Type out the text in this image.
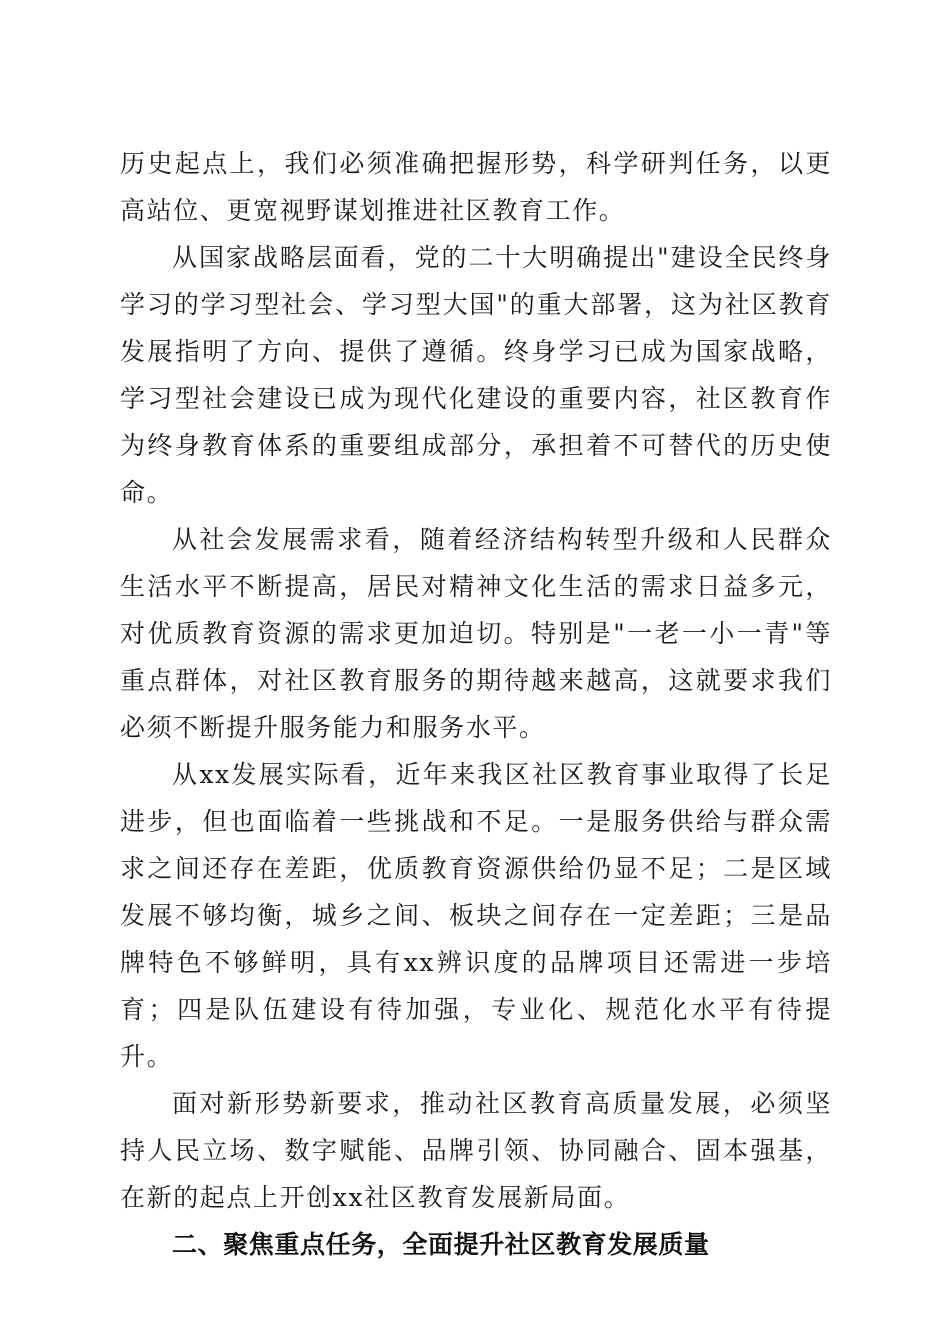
历史起点上，我们必须准确把握形势，科学研判任务，以更高站位、更宽视野谋划推进社区教育工作。

从国家战略层面看，党的二十大明确提出"建设全民终身学习的学习型社会、学习型大国"的重大部署，这为社区教育发展指明了方向、提供了遵循。终身学习已成为国家战略，学习型社会建设已成为现代化建设的重要内容，社区教育作为终身教育体系的重要组成部分，承担着不可替代的历史使命。

从社会发展需求看，随着经济结构转型升级和人民群众生活水平不断提高，居民对精神文化生活的需求日益多元，对优质教育资源的需求更加迫切。特别是"一老一小一青"等重点群体，对社区教育服务的期待越来越高，这就要求我们必须不断提升服务能力和服务水平。

从xx发展实际看，近年来我区社区教育事业取得了长足进步，但也面临着一些挑战和不足。一是服务供给与群众需求之间还存在差距，优质教育资源供给仍显不足；二是区域发展不够均衡，城乡之间、板块之间存在一定差距；三是品牌特色不够鲜明，具有xx辨识度的品牌项目还需进一步培育；四是队伍建设有待加强，专业化、规范化水平有待提升。

面对新形势新要求，推动社区教育高质量发展，必须坚持人民立场、数字赋能、品牌引领、协同融合、固本强基，在新的起点上开创xx社区教育发展新局面。

二、聚焦重点任务，全面提升社区教育发展质量
